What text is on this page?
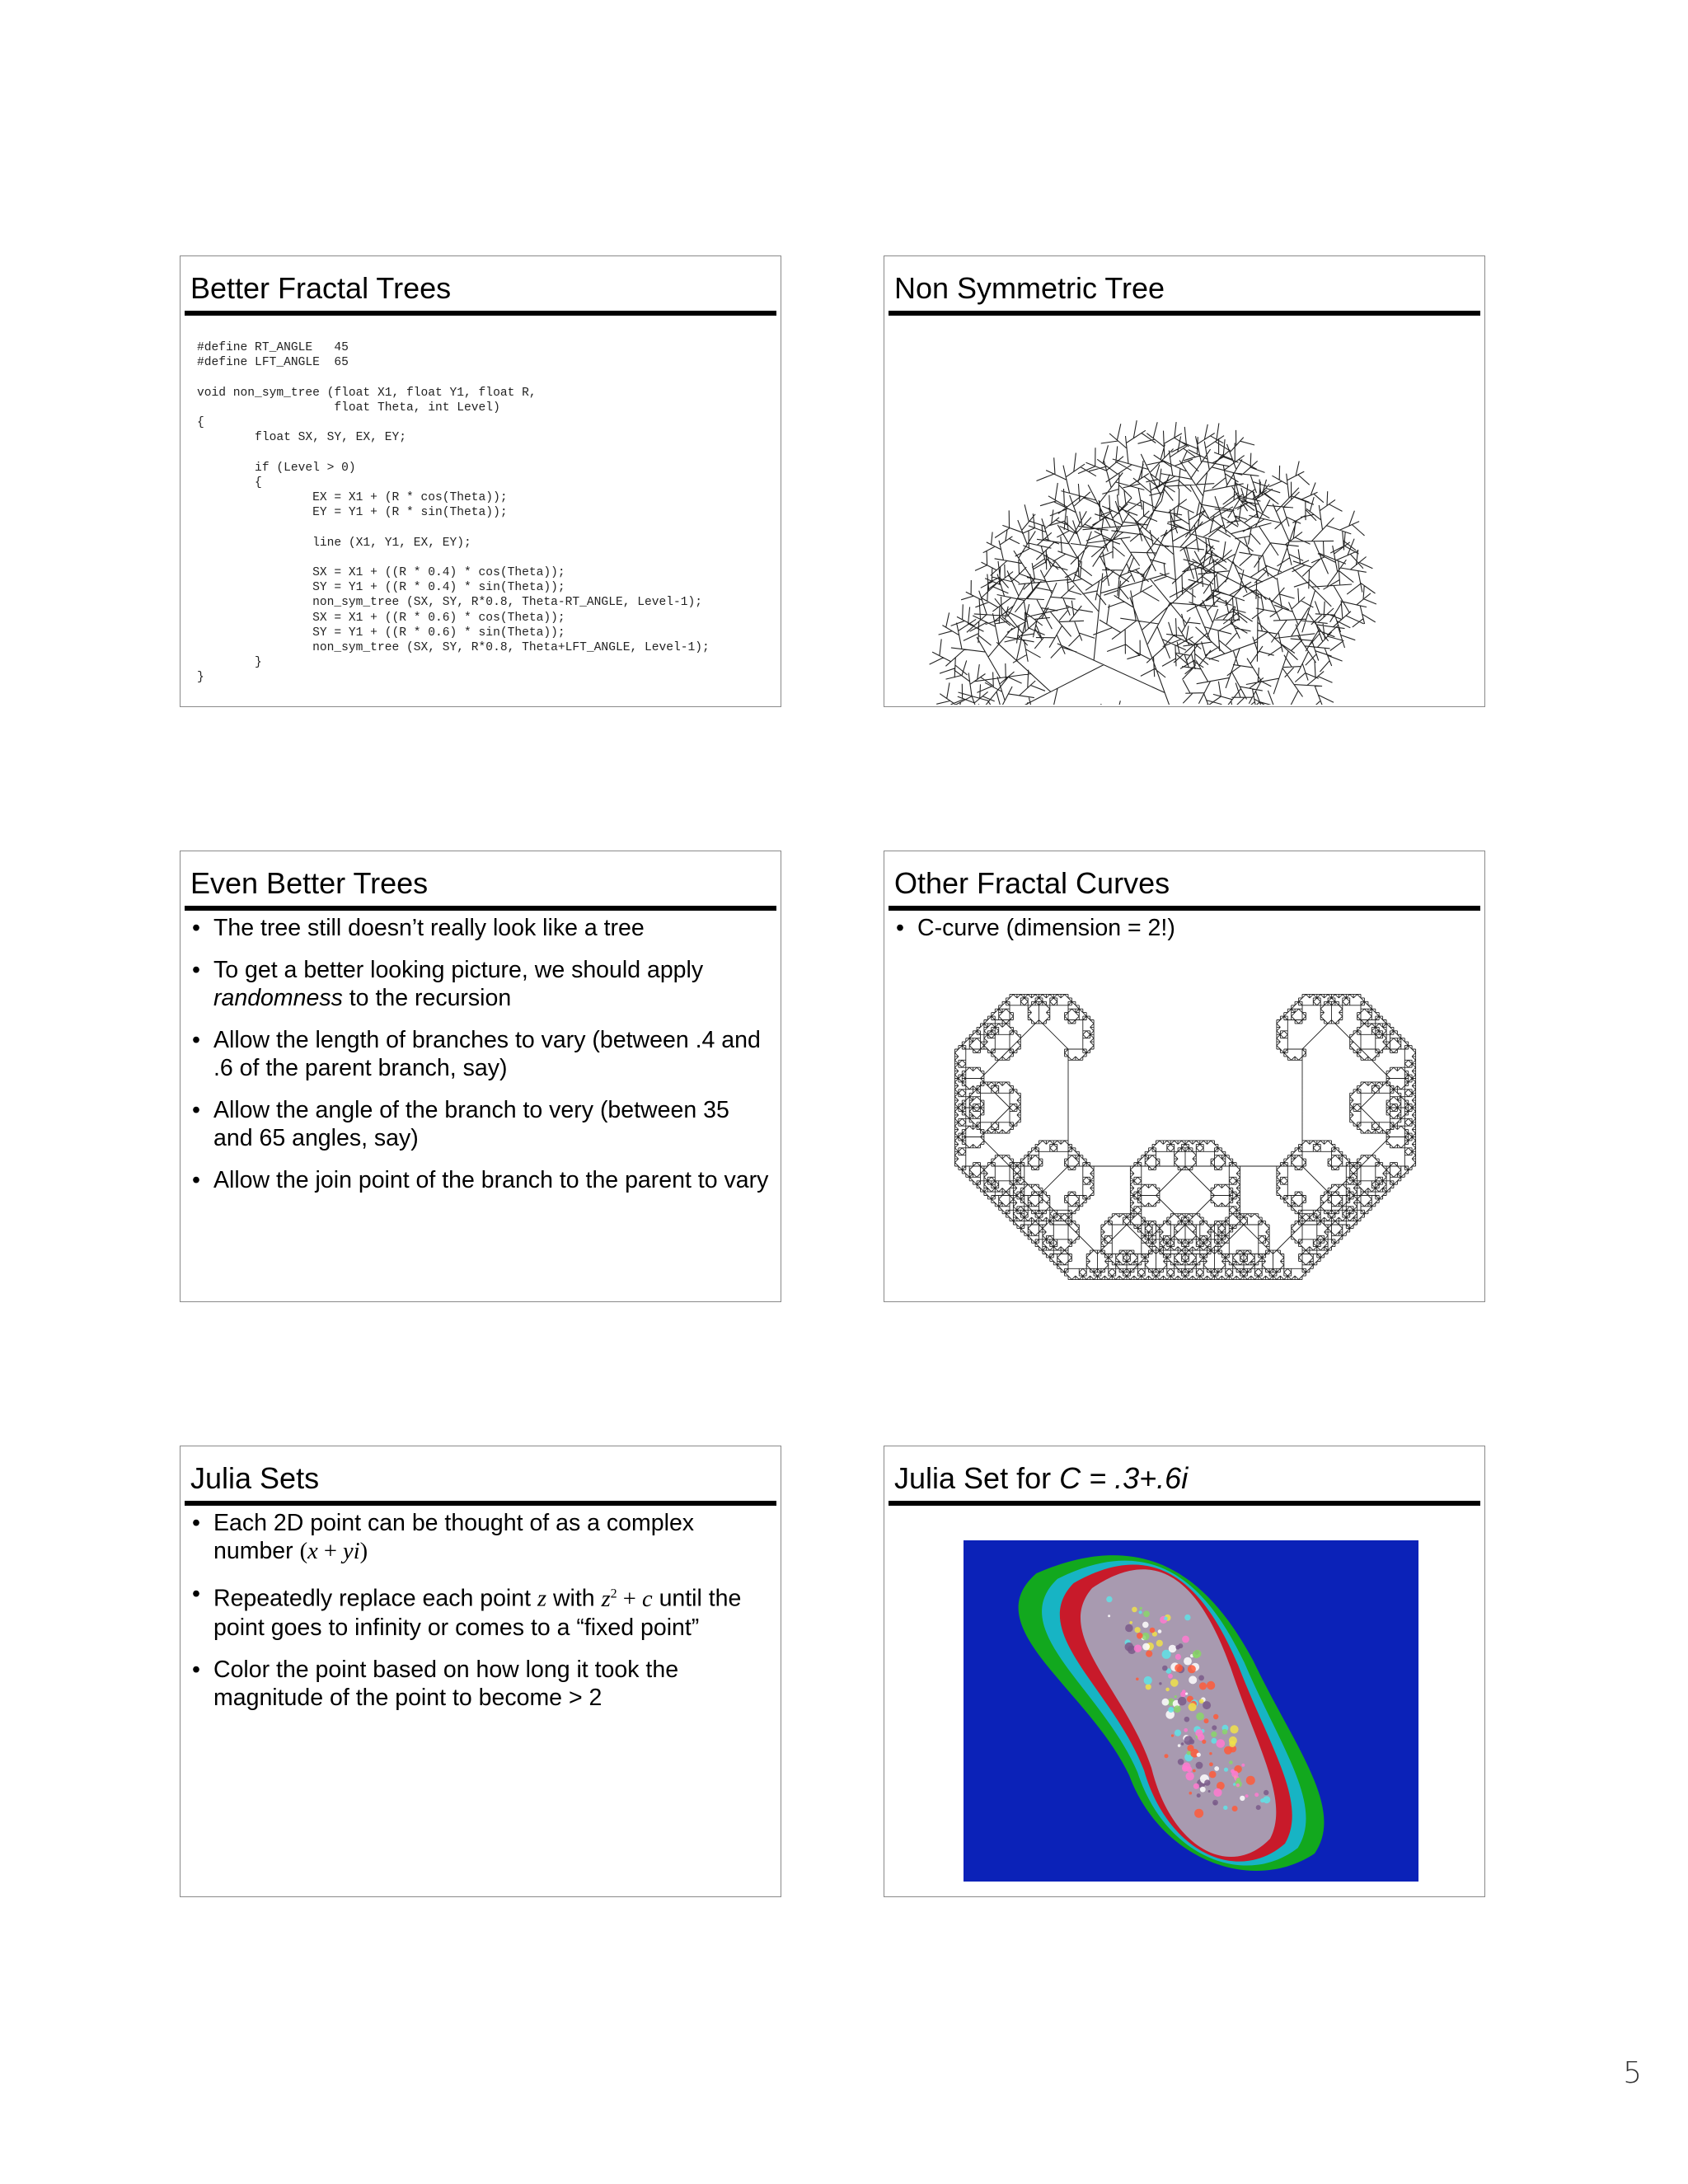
Better Fractal Trees
#define RT_ANGLE   45
#define LFT_ANGLE  65

void non_sym_tree (float X1, float Y1, float R,
float Theta, int Level)
{
float SX, SY, EX, EY;

if (Level > 0)
{
EX = X1 + (R * cos(Theta));
EY = Y1 + (R * sin(Theta));

line (X1, Y1, EX, EY);

SX = X1 + ((R * 0.4) * cos(Theta));
SY = Y1 + ((R * 0.4) * sin(Theta));
non_sym_tree (SX, SY, R*0.8, Theta-RT_ANGLE, Level-1);
SX = X1 + ((R * 0.6) * cos(Theta));
SY = Y1 + ((R * 0.6) * sin(Theta));
non_sym_tree (SX, SY, R*0.8, Theta+LFT_ANGLE, Level-1);
}
}
Non Symmetric Tree
Even Better Trees
• The tree still doesn’t really look like a tree
• To get a better looking picture, we should apply
randomness to the recursion
• Allow the length of branches to vary (between .4 and .6 of the parent branch, say)
• Allow the angle of the branch to very (between 35 and 65 angles, say)
• Allow the join point of the branch to the parent to vary
Other Fractal Curves
• C-curve (dimension = 2!)
Julia Sets
• Each 2D point can be thought of as a complex number (x + yi)
• Repeatedly replace each point z with $z^2 + c$ until the point goes to infinity or comes to a “fixed point”
• Color the point based on how long it took the magnitude of the point to become > 2
Julia Set for C = .3+.6i
5
